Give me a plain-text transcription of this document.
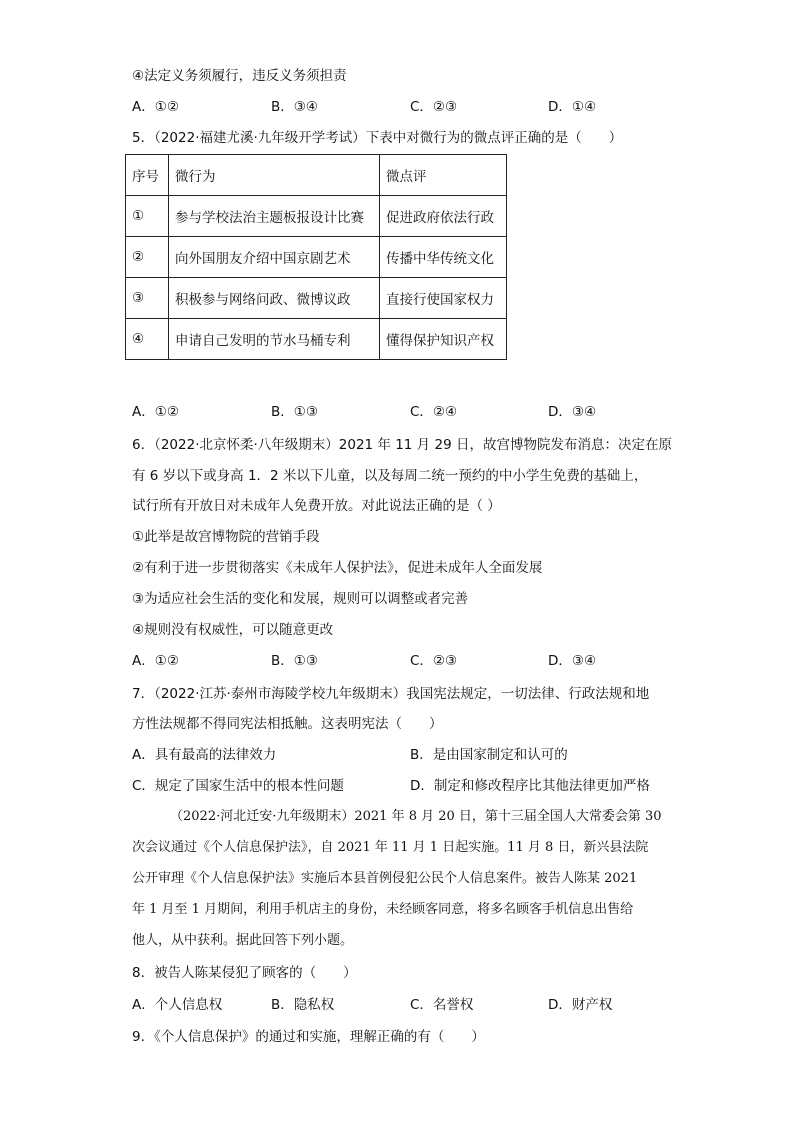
④法定义务须履行，违反义务须担责
A．①②	B．③④	C．②③	D．①④
5．（2022·福建尤溪·九年级开学考试）下表中对微行为的微点评正确的是（　　）
序号	微行为	微点评
①	参与学校法治主题板报设计比赛	促进政府依法行政
②	向外国朋友介绍中国京剧艺术	传播中华传统文化
③	积极参与网络问政、微博议政	直接行使国家权力
④	申请自己发明的节水马桶专利	懂得保护知识产权
A．①②	B．①③	C．②④	D．③④
6．（2022·北京怀柔·八年级期末）2021 年 11 月 29 日，故宫博物院发布消息：决定在原
有 6 岁以下或身高 1．2 米以下儿童，以及每周二统一预约的中小学生免费的基础上，
试行所有开放日对未成年人免费开放。对此说法正确的是（ ）
①此举是故宫博物院的营销手段
②有利于进一步贯彻落实《未成年人保护法》，促进未成年人全面发展
③为适应社会生活的变化和发展，规则可以调整或者完善
④规则没有权威性，可以随意更改
A．①②	B．①③	C．②③	D．③④
7．（2022·江苏·泰州市海陵学校九年级期末）我国宪法规定，一切法律、行政法规和地
方性法规都不得同宪法相抵触。这表明宪法（　　）
A．具有最高的法律效力	B．是由国家制定和认可的
C．规定了国家生活中的根本性问题	D．制定和修改程序比其他法律更加严格
（2022·河北迁安·九年级期末）2021 年 8 月 20 日，第十三届全国人大常委会第 30
次会议通过《个人信息保护法》，自 2021 年 11 月 1 日起实施。11 月 8 日，新兴县法院
公开审理《个人信息保护法》实施后本县首例侵犯公民个人信息案件。被告人陈某 2021
年 1 月至 1 月期间，利用手机店主的身份，未经顾客同意，将多名顾客手机信息出售给
他人，从中获利。据此回答下列小题。
8．被告人陈某侵犯了顾客的（　　）
A．个人信息权	B．隐私权	C．名誉权	D．财产权
9．《个人信息保护》的通过和实施，理解正确的有（　　）
